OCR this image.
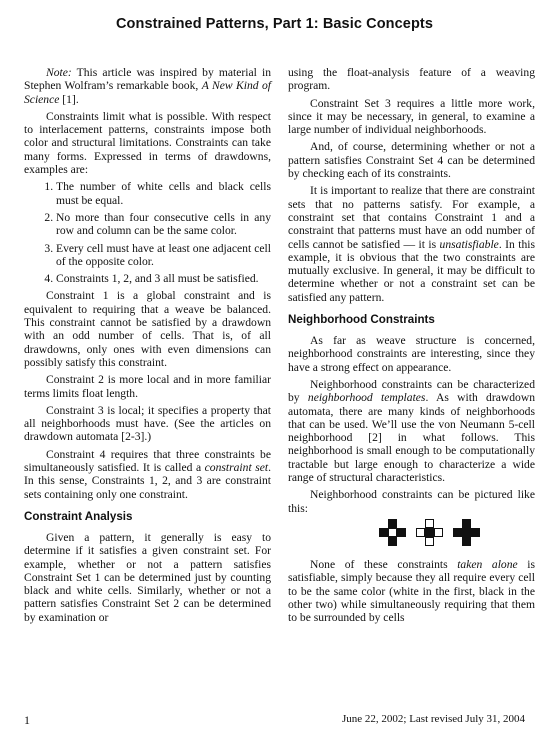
Constrained Patterns, Part 1: Basic Concepts

Note: This article was inspired by material in Stephen Wolfram’s remarkable book, A New Kind of Science [1].

Constraints limit what is possible. With respect to interlacement patterns, constraints impose both color and structural limitations. Constraints can take many forms. Expressed in terms of drawdowns, examples are:

1. The number of white cells and black cells must be equal.
2. No more than four consecutive cells in any row and column can be the same color.
3. Every cell must have at least one adjacent cell of the opposite color.
4. Constraints 1, 2, and 3 all must be satisfied.

Constraint 1 is a global constraint and is equivalent to requiring that a weave be balanced. This constraint cannot be satisfied by a drawdown with an odd number of cells. That is, of all drawdowns, only ones with even dimensions can possibly satisfy this constraint.

Constraint 2 is more local and in more familiar terms limits float length.

Constraint 3 is local; it specifies a property that all neighborhoods must have. (See the articles on drawdown automata [2-3].)

Constraint 4 requires that three constraints be simultaneously satisfied. It is called a constraint set. In this sense, Constraints 1, 2, and 3 are constraint sets containing only one constraint.

Constraint Analysis

Given a pattern, it generally is easy to determine if it satisfies a given constraint set. For example, whether or not a pattern satisfies Constraint Set 1 can be determined just by counting black and white cells. Similarly, whether or not a pattern satisfies Constraint Set 2 can be determined by examination or

using the float-analysis feature of a weaving program.

Constraint Set 3 requires a little more work, since it may be necessary, in general, to examine a large number of individual neighborhoods.

And, of course, determining whether or not a pattern satisfies Constraint Set 4 can be determined by checking each of its constraints.

It is important to realize that there are constraint sets that no patterns satisfy. For example, a constraint set that contains Constraint 1 and a constraint that patterns must have an odd number of cells cannot be satisfied — it is unsatisfiable. In this example, it is obvious that the two constraints are mutually exclusive. In general, it may be difficult to determine whether or not a constraint set can be satisfied any pattern.

Neighborhood Constraints

As far as weave structure is concerned, neighborhood constraints are interesting, since they have a strong effect on appearance.

Neighborhood constraints can be characterized by neighborhood templates. As with drawdown automata, there are many kinds of neighborhoods that can be used. We’ll use the von Neumann 5-cell neighborhood [2] in what follows. This neighborhood is small enough to be computationally tractable but large enough to characterize a wide range of structural characteristics.

Neighborhood constraints can be pictured like this:

None of these constraints taken alone is satisfiable, simply because they all require every cell to be the same color (white in the first, black in the other two) while simultaneously requiring that them to be surrounded by cells

1	June 22, 2002; Last revised July 31, 2004
